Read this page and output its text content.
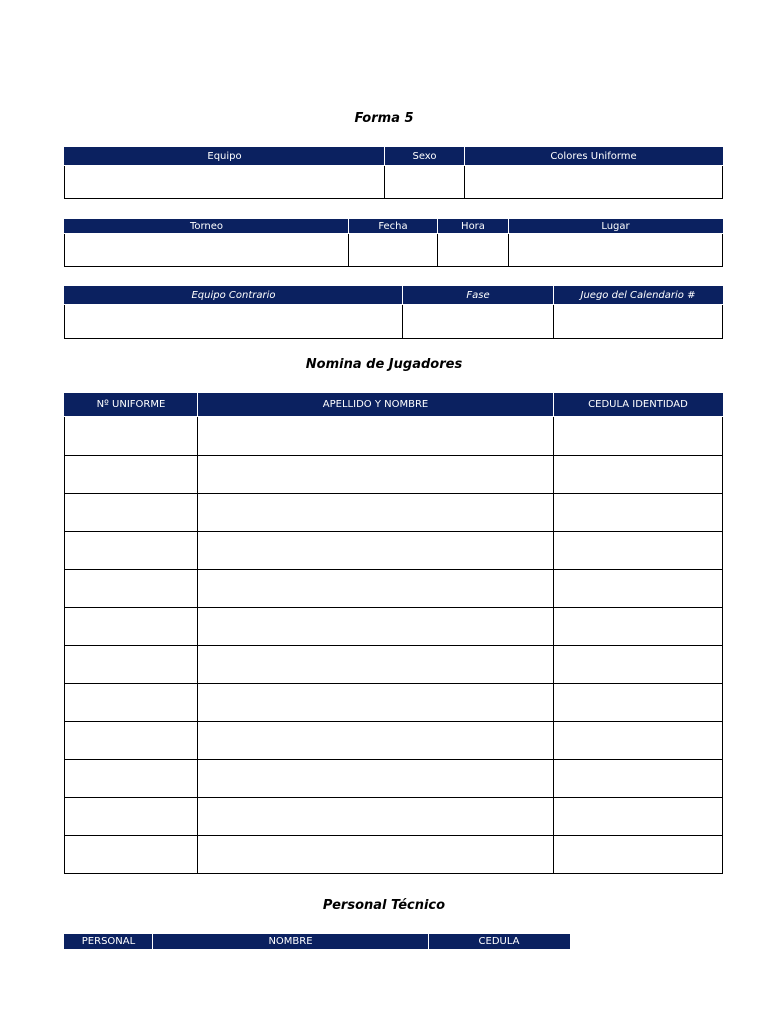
Forma 5
Equipo	Sexo	Colores Uniforme

Torneo	Fecha	Hora	Lugar

Equipo Contrario	Fase	Juego del Calendario #

Nomina de Jugadores
Nº UNIFORME	APELLIDO Y NOMBRE	CEDULA IDENTIDAD

Personal Técnico
PERSONAL	NOMBRE	CEDULA
